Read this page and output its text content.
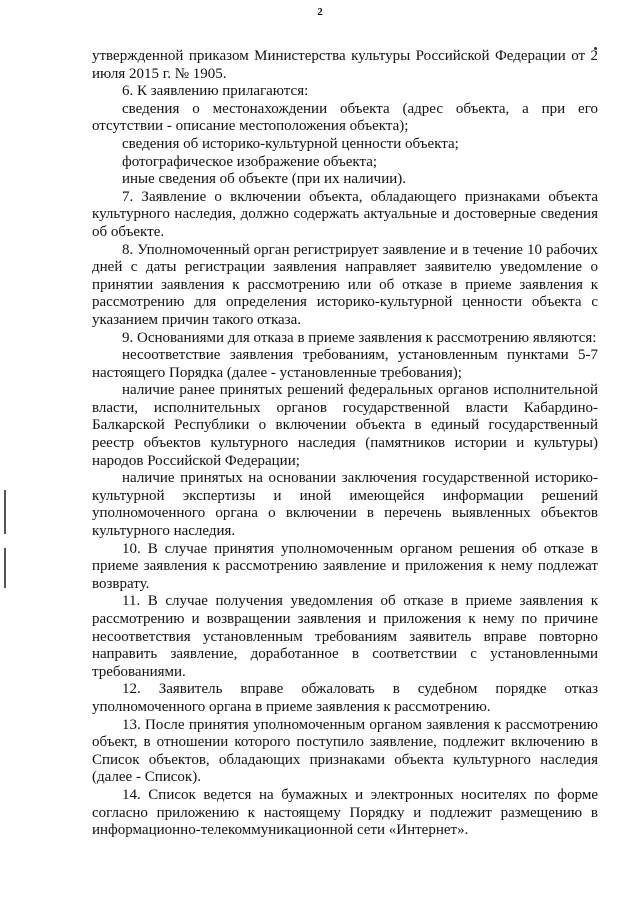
2

утвержденной приказом Министерства культуры Российской Федерации от 2 июля 2015 г. № 1905.

6. К заявлению прилагаются:

сведения о местонахождении объекта (адрес объекта, а при его отсутствии - описание местоположения объекта);

сведения об историко-культурной ценности объекта;

фотографическое изображение объекта;

иные сведения об объекте (при их наличии).

7. Заявление о включении объекта, обладающего признаками объекта культурного наследия, должно содержать актуальные и достоверные сведения об объекте.

8. Уполномоченный орган регистрирует заявление и в течение 10 рабочих дней с даты регистрации заявления направляет заявителю уведомление о принятии заявления к рассмотрению или об отказе в приеме заявления к рассмотрению для определения историко-культурной ценности объекта с указанием причин такого отказа.

9. Основаниями для отказа в приеме заявления к рассмотрению являются:

несоответствие заявления требованиям, установленным пунктами 5-7 настоящего Порядка (далее - установленные требования);

наличие ранее принятых решений федеральных органов исполнительной власти, исполнительных органов государственной власти Кабардино-Балкарской Республики о включении объекта в единый государственный реестр объектов культурного наследия (памятников истории и культуры) народов Российской Федерации;

наличие принятых на основании заключения государственной историко-культурной экспертизы и иной имеющейся информации решений уполномоченного органа о включении в перечень выявленных объектов культурного наследия.

10. В случае принятия уполномоченным органом решения об отказе в приеме заявления к рассмотрению заявление и приложения к нему подлежат возврату.

11. В случае получения уведомления об отказе в приеме заявления к рассмотрению и возвращении заявления и приложения к нему по причине несоответствия установленным требованиям заявитель вправе повторно направить заявление, доработанное в соответствии с установленными требованиями.

12. Заявитель вправе обжаловать в судебном порядке отказ уполномоченного органа в приеме заявления к рассмотрению.

13. После принятия уполномоченным органом заявления к рассмотрению объект, в отношении которого поступило заявление, подлежит включению в Список объектов, обладающих признаками объекта культурного наследия (далее - Список).

14. Список ведется на бумажных и электронных носителях по форме согласно приложению к настоящему Порядку и подлежит размещению в информационно-телекоммуникационной сети «Интернет».
